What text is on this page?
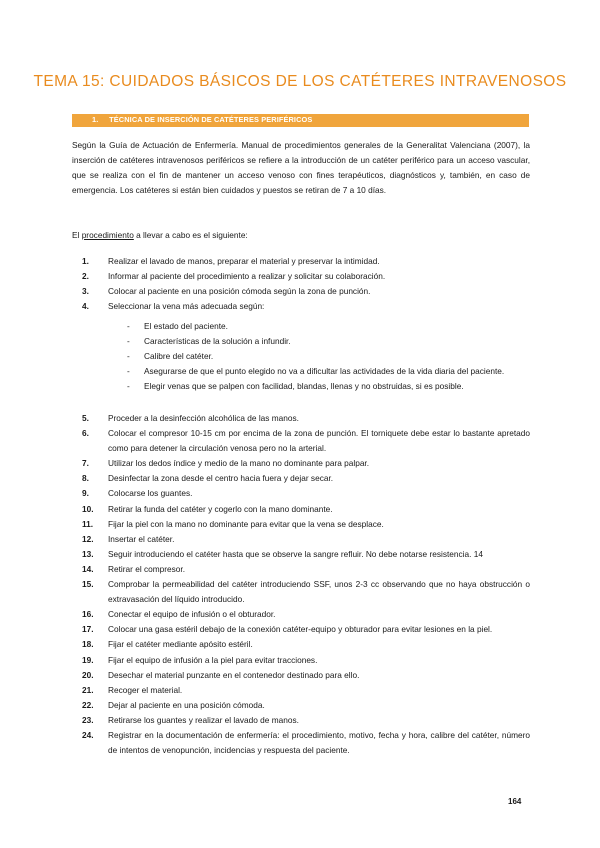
TEMA 15: CUIDADOS BÁSICOS DE LOS CATÉTERES INTRAVENOSOS
1. TÉCNICA DE INSERCIÓN DE CATÉTERES PERIFÉRICOS

Según la Guía de Actuación de Enfermería. Manual de procedimientos generales de la Generalitat Valenciana (2007), la inserción de catéteres intravenosos periféricos se refiere a la introducción de un catéter periférico para un acceso vascular, que se realiza con el fin de mantener un acceso venoso con fines terapéuticos, diagnósticos y, también, en caso de emergencia. Los catéteres si están bien cuidados y puestos se retiran de 7 a 10 días.

El procedimiento a llevar a cabo es el siguiente:

1. Realizar el lavado de manos, preparar el material y preservar la intimidad.
2. Informar al paciente del procedimiento a realizar y solicitar su colaboración.
3. Colocar al paciente en una posición cómoda según la zona de punción.
4. Seleccionar la vena más adecuada según:
- El estado del paciente.
- Características de la solución a infundir.
- Calibre del catéter.
- Asegurarse de que el punto elegido no va a dificultar las actividades de la vida diaria del paciente.
- Elegir venas que se palpen con facilidad, blandas, llenas y no obstruidas, si es posible.
5. Proceder a la desinfección alcohólica de las manos.
6. Colocar el compresor 10-15 cm por encima de la zona de punción. El torniquete debe estar lo bastante apretado como para detener la circulación venosa pero no la arterial.
7. Utilizar los dedos índice y medio de la mano no dominante para palpar.
8. Desinfectar la zona desde el centro hacia fuera y dejar secar.
9. Colocarse los guantes.
10. Retirar la funda del catéter y cogerlo con la mano dominante.
11. Fijar la piel con la mano no dominante para evitar que la vena se desplace.
12. Insertar el catéter.
13. Seguir introduciendo el catéter hasta que se observe la sangre refluir. No debe notarse resistencia. 14
14. Retirar el compresor.
15. Comprobar la permeabilidad del catéter introduciendo SSF, unos 2-3 cc observando que no haya obstrucción o extravasación del líquido introducido.
16. Conectar el equipo de infusión o el obturador.
17. Colocar una gasa estéril debajo de la conexión catéter-equipo y obturador para evitar lesiones en la piel.
18. Fijar el catéter mediante apósito estéril.
19. Fijar el equipo de infusión a la piel para evitar tracciones.
20. Desechar el material punzante en el contenedor destinado para ello.
21. Recoger el material.
22. Dejar al paciente en una posición cómoda.
23. Retirarse los guantes y realizar el lavado de manos.
24. Registrar en la documentación de enfermería: el procedimiento, motivo, fecha y hora, calibre del catéter, número de intentos de venopunción, incidencias y respuesta del paciente.
164
